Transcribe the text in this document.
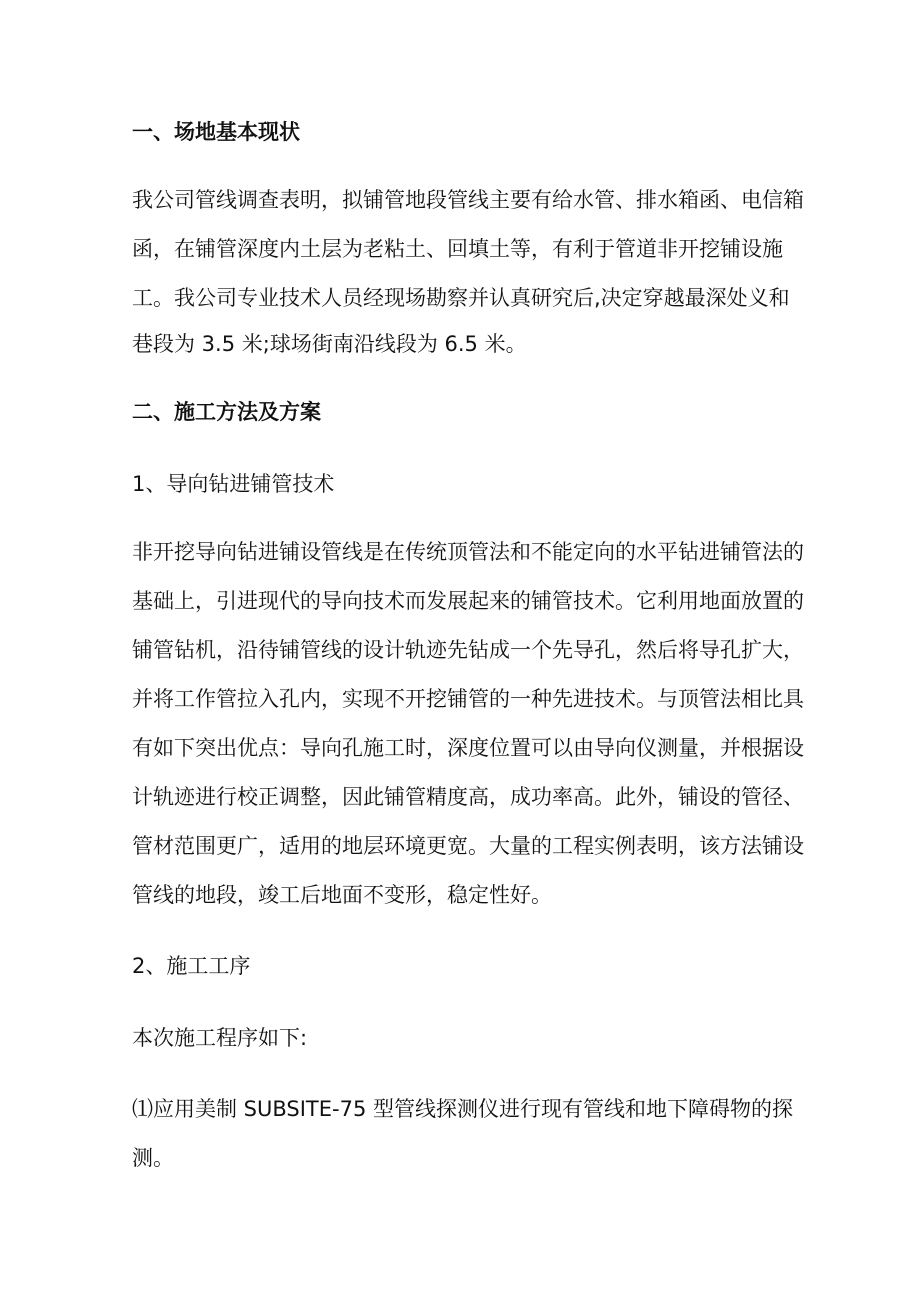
一、场地基本现状
我公司管线调查表明，拟铺管地段管线主要有给水管、排水箱函、电信箱
函，在铺管深度内土层为老粘土、回填土等，有利于管道非开挖铺设施
工。我公司专业技术人员经现场勘察并认真研究后,决定穿越最深处义和
巷段为 3.5 米;球场街南沿线段为 6.5 米。
二、施工方法及方案
1、导向钻进铺管技术
非开挖导向钻进铺设管线是在传统顶管法和不能定向的水平钻进铺管法的
基础上，引进现代的导向技术而发展起来的铺管技术。它利用地面放置的
铺管钻机，沿待铺管线的设计轨迹先钻成一个先导孔，然后将导孔扩大，
并将工作管拉入孔内，实现不开挖铺管的一种先进技术。与顶管法相比具
有如下突出优点：导向孔施工时，深度位置可以由导向仪测量，并根据设
计轨迹进行校正调整，因此铺管精度高，成功率高。此外，铺设的管径、
管材范围更广，适用的地层环境更宽。大量的工程实例表明，该方法铺设
管线的地段，竣工后地面不变形，稳定性好。
2、施工工序
本次施工程序如下:
⑴应用美制 SUBSITE-75 型管线探测仪进行现有管线和地下障碍物的探
测。
